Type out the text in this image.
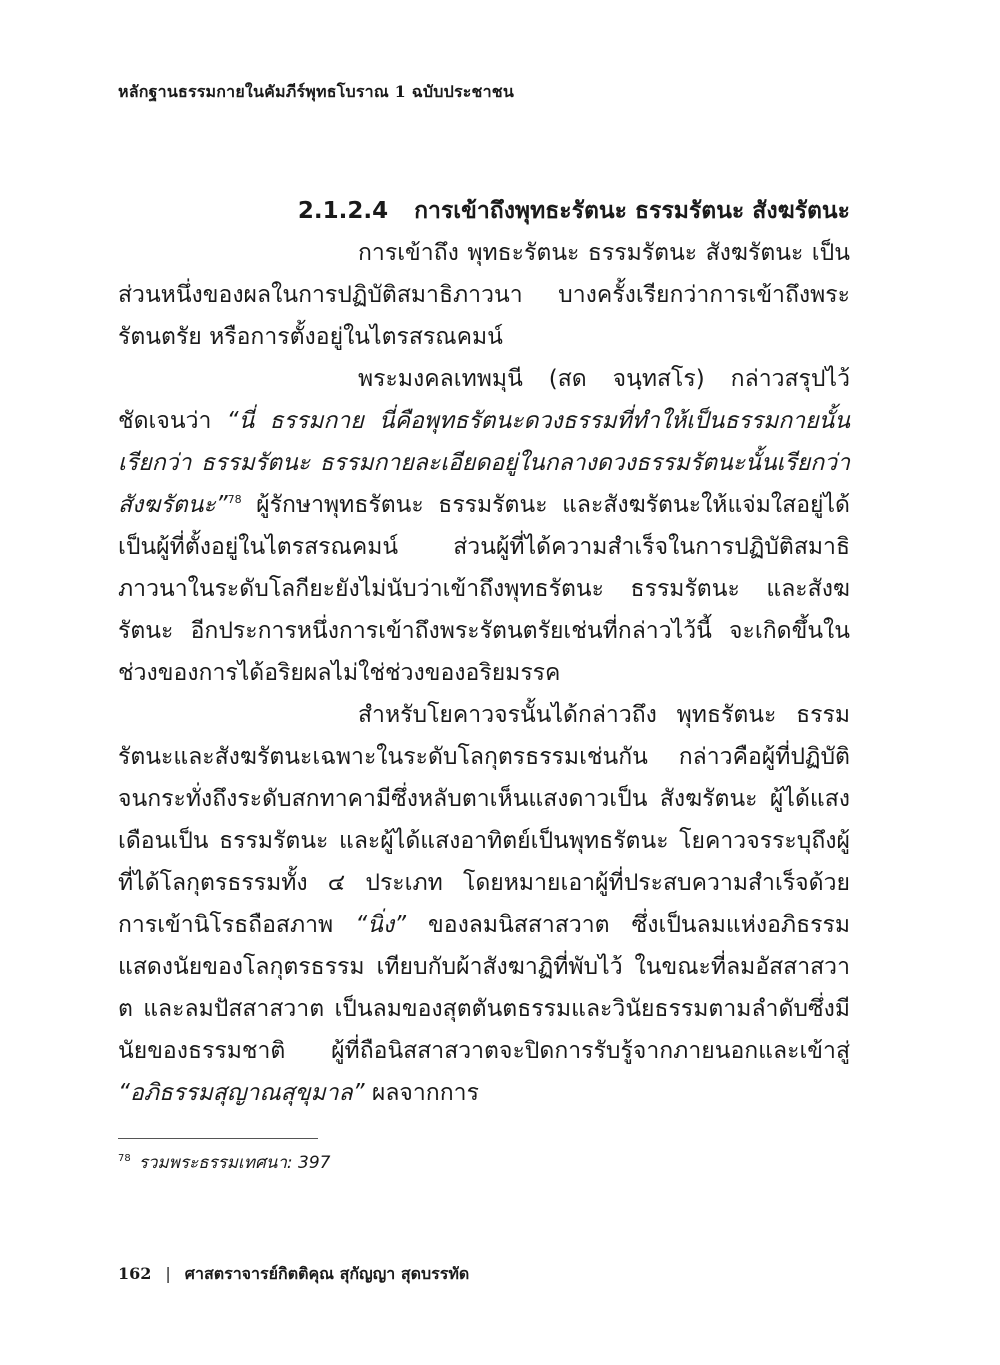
หลักฐานธรรมกายในคัมภีร์พุทธโบราณ 1 ฉบับประชาชน
2.1.2.4 การเข้าถึงพุทธะรัตนะ ธรรมรัตนะ สังฆรัตนะ

การเข้าถึง พุทธะรัตนะ ธรรมรัตนะ สังฆรัตนะ เป็นส่วนหนึ่งของผลในการปฏิบัติสมาธิภาวนา บางครั้งเรียกว่าการเข้าถึงพระรัตนตรัย หรือการตั้งอยู่ในไตรสรณคมน์

พระมงคลเทพมุนี (สด จนฺทสโร) กล่าวสรุปไว้ชัดเจนว่า “นี่ ธรรมกาย นี่คือพุทธรัตนะดวงธรรมที่ทำให้เป็นธรรมกายนั้น เรียกว่า ธรรมรัตนะ ธรรมกายละเอียดอยู่ในกลางดวงธรรมรัตนะนั้นเรียกว่า สังฆรัตนะ”$^{78}$ ผู้รักษาพุทธรัตนะ ธรรมรัตนะ และสังฆรัตนะให้แจ่มใสอยู่ได้เป็นผู้ที่ตั้งอยู่ในไตรสรณคมน์ ส่วนผู้ที่ได้ความสำเร็จในการปฏิบัติสมาธิภาวนาในระดับโลกียะยังไม่นับว่าเข้าถึงพุทธรัตนะ ธรรมรัตนะ และสังฆรัตนะ อีกประการหนึ่งการเข้าถึงพระรัตนตรัยเช่นที่กล่าวไว้นี้ จะเกิดขึ้นในช่วงของการได้อริยผลไม่ใช่ช่วงของอริยมรรค

สำหรับโยคาวจรนั้นได้กล่าวถึง พุทธรัตนะ ธรรมรัตนะและสังฆรัตนะเฉพาะในระดับโลกุตรธรรมเช่นกัน กล่าวคือผู้ที่ปฏิบัติจนกระทั่งถึงระดับสกทาคามีซึ่งหลับตาเห็นแสงดาวเป็น สังฆรัตนะ ผู้ได้แสงเดือนเป็น ธรรมรัตนะ และผู้ได้แสงอาทิตย์เป็นพุทธรัตนะ โยคาวจรระบุถึงผู้ที่ได้โลกุตรธรรมทั้ง ๔ ประเภท โดยหมายเอาผู้ที่ประสบความสำเร็จด้วยการเข้านิโรธถือสภาพ “นิ่ง” ของลมนิสสาสวาต ซึ่งเป็นลมแห่งอภิธรรม แสดงนัยของโลกุตรธรรม เทียบกับผ้าสังฆาฏิที่พับไว้ ในขณะที่ลมอัสสาสวาต และลมปัสสาสวาต เป็นลมของสุตตันตธรรมและวินัยธรรมตามลำดับซึ่งมีนัยของธรรมชาติ ผู้ที่ถือนิสสาสวาตจะปิดการรับรู้จากภายนอกและเข้าสู่ “อภิธรรมสุญาณสุขุมาล” ผลจากการ

$^{78}$ รวมพระธรรมเทศนา: 397
162 | ศาสตราจารย์กิตติคุณ สุกัญญา สุดบรรทัด
